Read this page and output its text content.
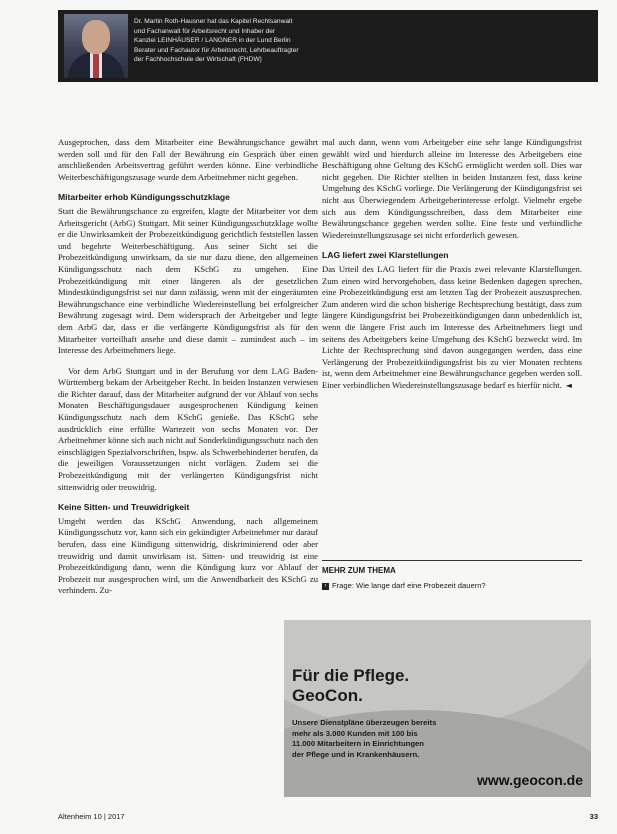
Dr. Martin Roth-Hausner hat das Kapitel Rechtsanwalt

und Fachanwalt für Arbeitsrecht und Inhaber der

Kanzlei LEINHÄUSER / LANGNER in der Lund Berlin

Berater und Fachautor für Arbeitsrecht, Lehrbeauftragter

der Fachhochschule der Wirtschaft (FHDW)

Ausgeprochen, dass dem Mitarbeiter eine Bewährungschance gewährt werden soll und für den Fall der Bewährung ein Gespräch über einen anschließenden Arbeitsvertrag geführt werden könne. Eine verbindliche Weiterbeschäftigungszusage wurde dem Arbeitnehmer nicht gegeben.

Mitarbeiter erhob Kündigungsschutzklage

Statt die Bewährungschance zu ergreifen, klagte der Mitarbeiter vor dem Arbeitsgericht (ArbG) Stuttgart. Mit seiner Kündigungsschutzklage wollte er die Unwirksamkeit der Probezeitkündigung gerichtlich feststellen lassen und begehrte Weiterbeschäftigung. Aus seiner Sicht sei die Probezeitkündigung unwirksam, da sie nur dazu diene, den allgemeinen Kündigungsschutz nach dem KSchG zu umgehen. Eine Probezeitkündigung mit einer längeren als der gesetzlichen Mindestkündigungsfrist sei nur dann zulässig, wenn mit der eingeräumten Bewährungschance eine verbindliche Wiedereinstellung bei erfolgreicher Bewährung zugesagt wird. Dem widersprach der Arbeitgeber und legte dem ArbG dar, dass er die verlängerte Kündigungsfrist als für den Mitarbeiter vorteilhaft ansehe und diese damit – zumindest auch – im Interesse des Arbeitnehmers liege.

Vor dem ArbG Stuttgart und in der Berufung vor dem LAG Baden-Württemberg bekam der Arbeitgeber Recht. In beiden Instanzen verwiesen die Richter darauf, dass der Mitarbeiter aufgrund der vor Ablauf von sechs Monaten Beschäftigungsdauer ausgesprochenen Kündigung keinen Kündigungsschutz nach dem KSchG genieße. Das KSchG sehe ausdrücklich eine erfüllte Wartezeit von sechs Monaten vor. Der Arbeitnehmer könne sich auch nicht auf Sonderkündigungsschutz nach den einschlägigen Spezialvorschriften, bspw. als Schwerbehinderter berufen, da die jeweiligen Voraussetzungen nicht vorlägen. Zudem sei die Probezeitkündigung mit der verlängerten Kündigungsfrist nicht sittenwidrig oder treuwidrig.

Keine Sitten- und Treuwidrigkeit

Umgeht werden das KSchG Anwendung, nach allgemeinem Kündigungsschutz vor, kann sich ein gekündigter Arbeitnehmer nur darauf berufen, dass eine Kündigung sittenwidrig, diskriminierend oder aber treuwidrig und damit unwirksam ist. Sitten- und treuwidrig ist eine Probezeitkündigung dann, wenn die Kündigung kurz vor Ablauf der Probezeit nur ausgesprochen wird, um die Anwendbarkeit des KSchG zu verhindern. Zu-

mal auch dann, wenn vom Arbeitgeber eine sehr lange Kündigungsfrist gewählt wird und hierdurch alleine im Interesse des Arbeitgebers eine Beschäftigung ohne Geltung des KSchG ermöglicht werden soll. Dies war nicht gegeben. Die Richter stellten in beiden Instanzen fest, dass keine Umgehung des KSchG vorliege. Die Verlängerung der Kündigungsfrist sei nicht aus Überwiegendem Arbeitgeberinteresse erfolgt. Vielmehr ergebe sich aus dem Kündigungsschreiben, dass dem Mitarbeiter eine Bewährungschance gegeben werden sollte. Eine feste und verbindliche Wiedereinstellungszusage sei nicht erforderlich gewesen.

LAG liefert zwei Klarstellungen

Das Urteil des LAG liefert für die Praxis zwei relevante Klarstellungen. Zum einen wird hervorgehoben, dass keine Bedenken dagegen sprechen, eine Probezeitkündigung erst am letzten Tag der Probezeit auszusprechen. Zum anderen wird die schon bisherige Rechtsprechung bestätigt, dass zum längere Kündigungsfrist bei Probezeitkündigungen dann unbedenklich ist, wenn die längere Frist auch im Interesse des Arbeitnehmers liegt und seitens des Arbeitgebers keine Umgehung des KSchG bezweckt wird. Im Lichte der Rechtsprechung sind davon ausgegangen werden, dass eine Verlängerung der Probezeitkündigungsfrist bis zu vier Monaten rechtens ist, wenn dem Arbeitnehmer eine Bewährungschance gegeben werden soll. Einer verbindlichen Wiedereinstellungszusage bedarf es hierfür nicht. ◄

MEHR ZUM THEMA
› Frage: Wie lange darf eine Probezeit dauern?
Für die Pflege.
GeoCon.

Unsere Dienstpläne überzeugen bereits

mehr als 3.000 Kunden mit 100 bis

11.000 Mitarbeitern in Einrichtungen

der Pflege und in Krankenhäusern.

www.geocon.de
Altenheim 10 | 2017	33
